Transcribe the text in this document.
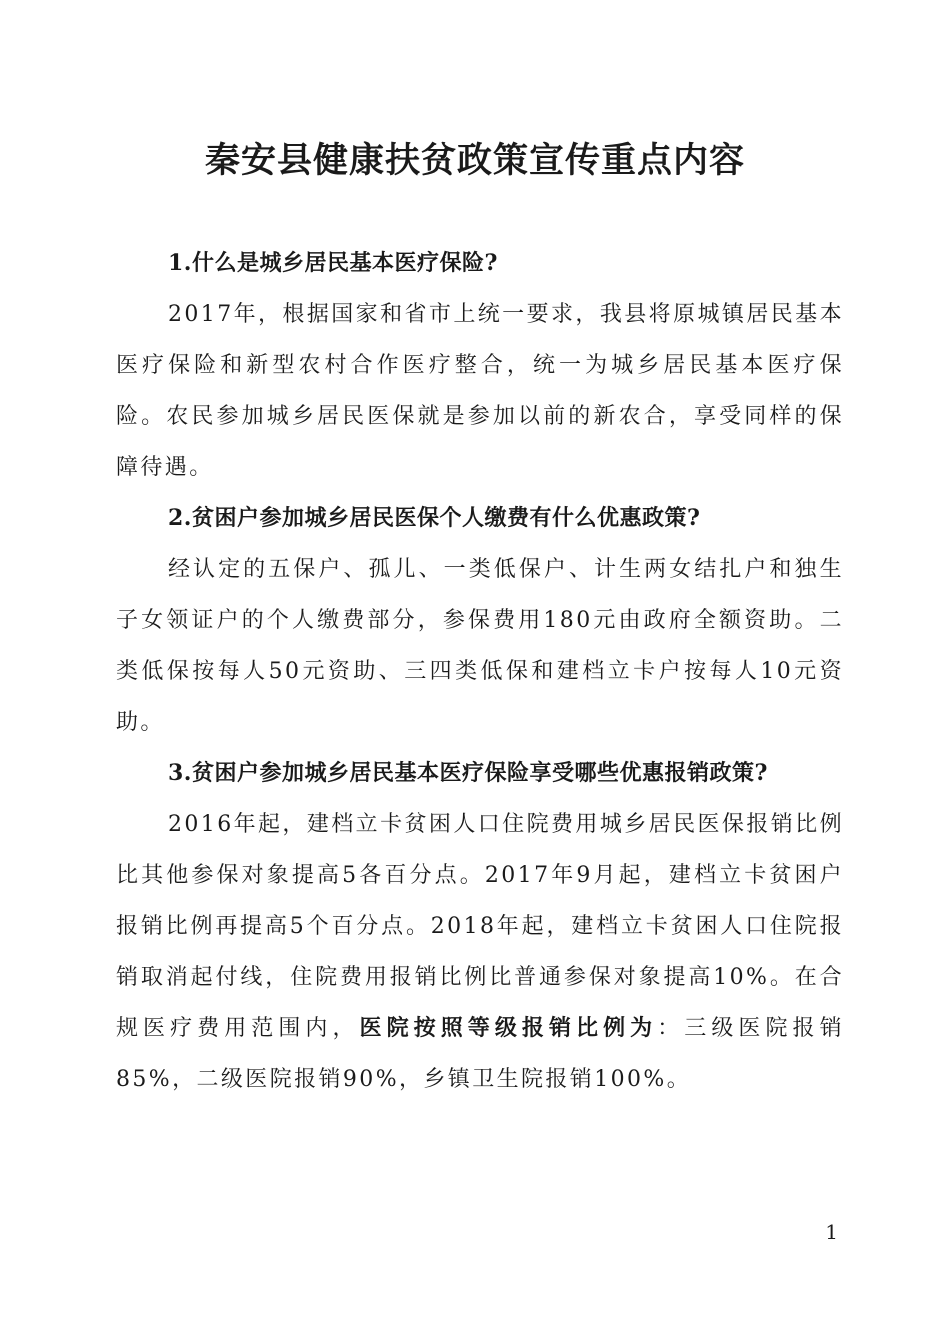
秦安县健康扶贫政策宣传重点内容

1.什么是城乡居民基本医疗保险?

2017年，根据国家和省市上统一要求，我县将原城镇居民基本医疗保险和新型农村合作医疗整合，统一为城乡居民基本医疗保险。农民参加城乡居民医保就是参加以前的新农合，享受同样的保障待遇。

2.贫困户参加城乡居民医保个人缴费有什么优惠政策?

经认定的五保户、孤儿、一类低保户、计生两女结扎户和独生子女领证户的个人缴费部分，参保费用180元由政府全额资助。二类低保按每人50元资助、三四类低保和建档立卡户按每人10元资助。

3.贫困户参加城乡居民基本医疗保险享受哪些优惠报销政策?

2016年起，建档立卡贫困人口住院费用城乡居民医保报销比例比其他参保对象提高5各百分点。2017年9月起，建档立卡贫困户报销比例再提高5个百分点。2018年起，建档立卡贫困人口住院报销取消起付线，住院费用报销比例比普通参保对象提高10%。在合规医疗费用范围内，医院按照等级报销比例为：三级医院报销85%，二级医院报销90%，乡镇卫生院报销100%。

1
